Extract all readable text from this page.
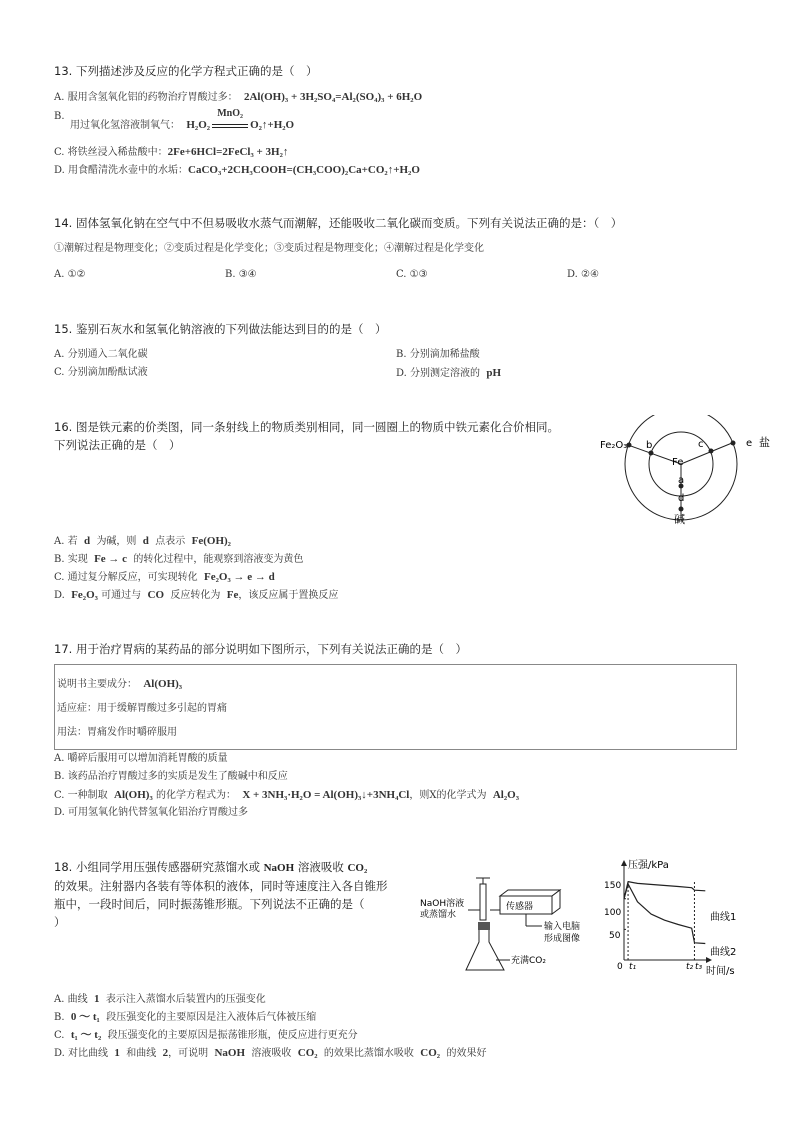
13. 下列描述涉及反应的化学方程式正确的是（　）
A. 服用含氢氧化铝的药物治疗胃酸过多： 2Al(OH)₃ + 3H₂SO₄=Al₂(SO₄)₃ + 6H₂O
B.
用过氧化氢溶液制氧气： H₂O₂
MnO₂
O₂↑+H₂O
C. 将铁丝浸入稀盐酸中：2Fe+6HCl=2FeCl₃ + 3H₂↑
D. 用食醋清洗水壶中的水垢：CaCO₃+2CH₃COOH=(CH₃COO)₂Ca+CO₂↑+H₂O
14. 固体氢氧化钠在空气中不但易吸收水蒸气而潮解，还能吸收二氧化碳而变质。下列有关说法正确的是：（　）
①潮解过程是物理变化；②变质过程是化学变化；③变质过程是物理变化；④潮解过程是化学变化
A. ①②	B. ③④	C. ①③	D. ②④
15. 鉴别石灰水和氢氧化钠溶液的下列做法能达到目的的是（　）
A. 分别通入二氧化碳	B. 分别滴加稀盐酸
C. 分别滴加酚酞试液	D. 分别测定溶液的 pH
16. 图是铁元素的价类图，同一条射线上的物质类别相同，同一圆圈上的物质中铁元素化合价相同。
下列说法正确的是（　）	Fe₂O₃ b	c	e 盐
Fe
a
d
碱
A. 若 d 为碱，则 d 点表示 Fe(OH)₂
B. 实现 Fe → c 的转化过程中，能观察到溶液变为黄色
C. 通过复分解反应，可实现转化 Fe₂O₃ → e → d
D. Fe₂O₃ 可通过与 CO 反应转化为 Fe，该反应属于置换反应
17. 用于治疗胃病的某药品的部分说明如下图所示，下列有关说法正确的是（　）
说明书主要成分： Al(OH)₃
适应症：用于缓解胃酸过多引起的胃痛
用法：胃痛发作时嚼碎服用
A. 嚼碎后服用可以增加消耗胃酸的质量
B. 该药品治疗胃酸过多的实质是发生了酸碱中和反应
C. 一种制取 Al(OH)₃ 的化学方程式为： X + 3NH₃·H₂O = Al(OH)₃↓+3NH₄Cl，则X的化学式为 Al₂O₃
D. 可用氢氧化钠代替氢氧化铝治疗胃酸过多
18. 小组同学用压强传感器研究蒸馏水或 NaOH 溶液吸收 CO₂
的效果。注射器内各装有等体积的液体，同时等速度注入各自锥形
瓶中，一段时间后，同时振荡锥形瓶。下列说法不正确的是（
）
NaOH溶液
或蒸馏水
传感器
输入电脑
形成图像
充满CO₂
压强/kPa
时间/s
150
100
50
0 t₁	t₂ t₃
曲线1
曲线2
A. 曲线 1 表示注入蒸馏水后装置内的压强变化
B. 0 ～ t₁ 段压强变化的主要原因是注入液体后气体被压缩
C. t₁ ～ t₂ 段压强变化的主要原因是振荡锥形瓶，使反应进行更充分
D. 对比曲线 1 和曲线 2，可说明 NaOH 溶液吸收 CO₂ 的效果比蒸馏水吸收 CO₂ 的效果好
